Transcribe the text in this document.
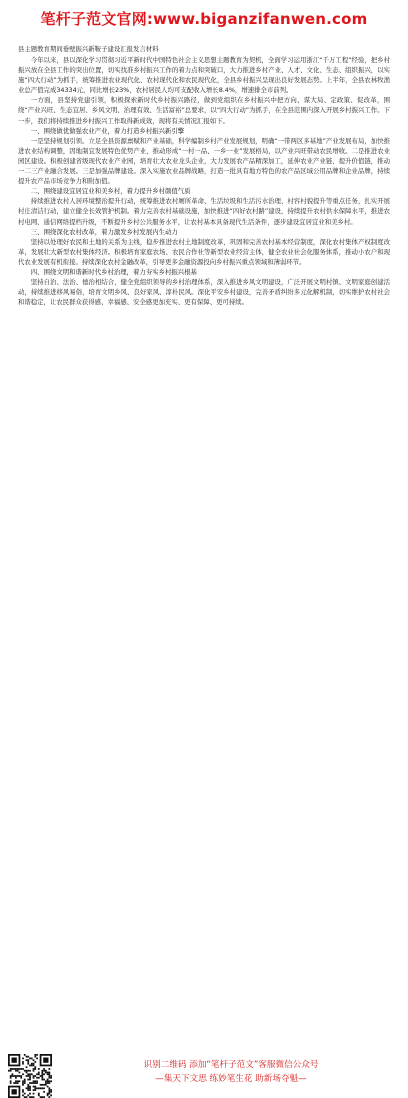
笔杆子范文官网:www.biganzifanwen.com
县主题教育期间垂壁振兴新鞍子建设汇报发言材料

今年以来，县以深化学习贯彻习近平新时代中国特色社会主义思想主题教育为契机，全面学习运用浙江“千万工程”经验，把乡村振兴放在全县工作的突出位置，切实找准乡村振兴工作的着力点和突破口，大力推进乡村产业、人才、文化、生态、组织振兴，以实施“四大行动”为抓手，统筹推进农业现代化、农村现代化和农民现代化，全县乡村振兴呈现出良好发展态势。上半年，全县农林牧渔业总产值完成34334元，同比增长23%，农村居民人均可支配收入增长8.4%，增速排全市前列。

一方面，县坚持党建引领，积极探索新时代乡村振兴路径，做到党组织在乡村振兴中把方向、谋大局、定政策、促改革，围绕“产业兴旺、生态宜居、乡风文明、治理有效、生活富裕”总要求，以“四大行动”为抓手，在全县范围内深入开展乡村振兴工作。下一步，我们将持续推进乡村振兴工作取得新成效，现将有关情况汇报如下。

一、围绕做优做强农业产业，着力打造乡村振兴新引擎

一是坚持规划引领。立足全县资源禀赋和产业基础，科学编制乡村产业发展规划，明确“一带两区多基地”产业发展布局，加快推进农业结构调整，因地制宜发展特色优势产业，推动形成“一村一品、一乡一业”发展格局，以产业兴旺带动农民增收。二是推进农业园区建设。积极创建省级现代农业产业园，培育壮大农业龙头企业，大力发展农产品精深加工，延伸农业产业链、提升价值链，推动一二三产业融合发展。三是加强品牌建设。深入实施农业品牌战略，打造一批具有地方特色的农产品区域公用品牌和企业品牌，持续提升农产品市场竞争力和附加值。

二、围绕建设宜居宜业和美乡村，着力提升乡村颜值气质

持续推进农村人居环境整治提升行动，统筹推进农村厕所革命、生活垃圾和生活污水治理、村容村貌提升等重点任务，扎实开展村庄清洁行动，建立健全长效管护机制。着力完善农村基础设施，加快推进“四好农村路”建设，持续提升农村供水保障水平，推进农村电网、通信网络提档升级，不断提升乡村公共服务水平，让农村基本具备现代生活条件，逐步建设宜居宜业和美乡村。

三、围绕深化农村改革，着力激发乡村发展内生动力

坚持以处理好农民和土地的关系为主线，稳步推进农村土地制度改革，巩固和完善农村基本经营制度，深化农村集体产权制度改革，发展壮大新型农村集体经济。积极培育家庭农场、农民合作社等新型农业经营主体，健全农业社会化服务体系，推动小农户和现代农业发展有机衔接。持续深化农村金融改革，引导更多金融资源投向乡村振兴重点领域和薄弱环节。

四、围绕文明和谐新时代乡村治理，着力夯实乡村振兴根基

坚持自治、法治、德治相结合，健全党组织领导的乡村治理体系，深入推进乡风文明建设，广泛开展文明村镇、文明家庭创建活动，持续推进移风易俗，培育文明乡风、良好家风、淳朴民风。深化平安乡村建设，完善矛盾纠纷多元化解机制，切实维护农村社会和谐稳定，让农民群众获得感、幸福感、安全感更加充实、更有保障、更可持续。

识别二维码 添加“笔杆子范文”客服微信公众号
—集天下文思 练妙笔生花 助新场夺魁—
